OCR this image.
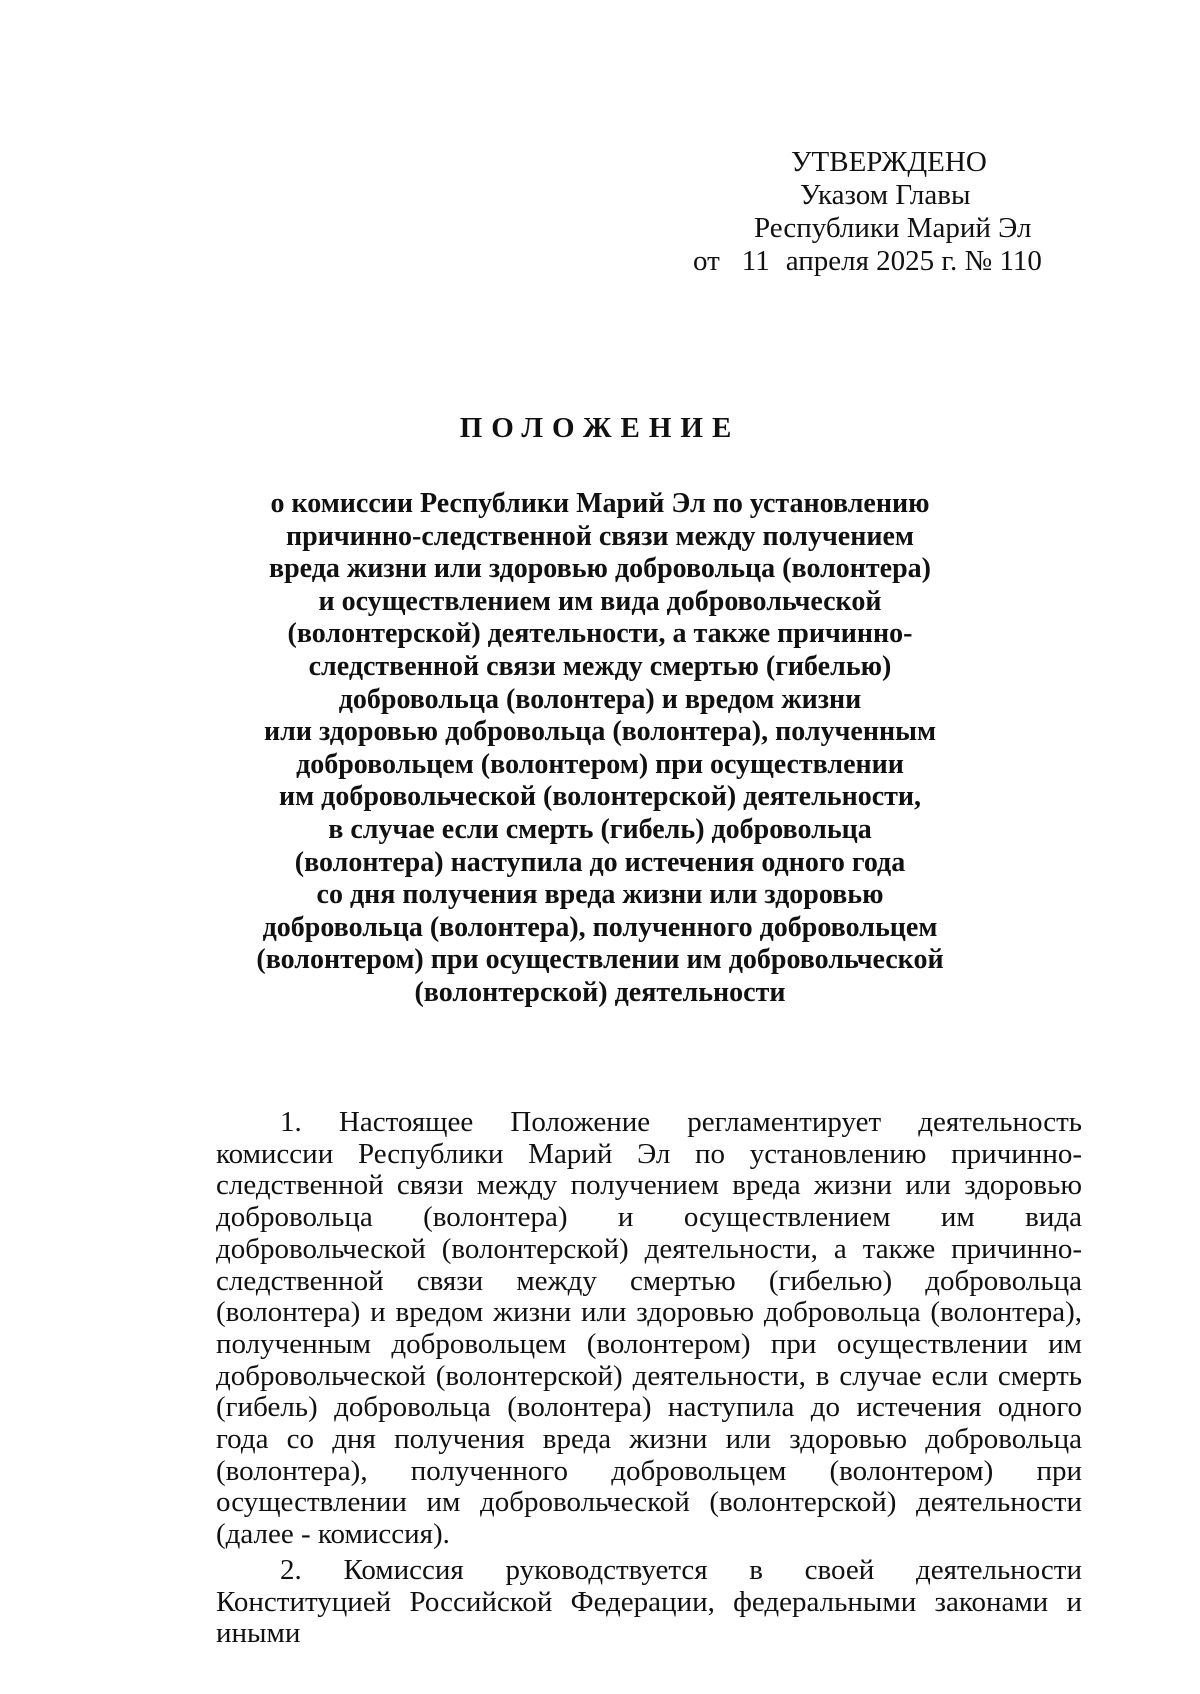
УТВЕРЖДЕНО
Указом Главы
Республики Марий Эл
от 11 апреля 2025 г. № 110
ПОЛОЖЕНИЕ
о комиссии Республики Марий Эл по установлению
причинно-следственной связи между получением
вреда жизни или здоровью добровольца (волонтера)
и осуществлением им вида добровольческой
(волонтерской) деятельности, а также причинно-
следственной связи между смертью (гибелью)
добровольца (волонтера) и вредом жизни
или здоровью добровольца (волонтера), полученным
добровольцем (волонтером) при осуществлении
им добровольческой (волонтерской) деятельности,
в случае если смерть (гибель) добровольца
(волонтера) наступила до истечения одного года
со дня получения вреда жизни или здоровью
добровольца (волонтера), полученного добровольцем
(волонтером) при осуществлении им добровольческой
(волонтерской) деятельности

1. Настоящее Положение регламентирует деятельность комиссии Республики Марий Эл по установлению причинно-следственной связи между получением вреда жизни или здоровью добровольца (волонтера) и осуществлением им вида добровольческой (волонтерской) деятельности, а также причинно-следственной связи между смертью (гибелью) добровольца (волонтера) и вредом жизни или здоровью добровольца (волонтера), полученным добровольцем (волонтером) при осуществлении им добровольческой (волонтерской) деятельности, в случае если смерть (гибель) добровольца (волонтера) наступила до истечения одного года со дня получения вреда жизни или здоровью добровольца (волонтера), полученного добровольцем (волонтером) при осуществлении им добровольческой (волонтерской) деятельности (далее - комиссия).

2. Комиссия руководствуется в своей деятельности Конституцией Российской Федерации, федеральными законами и иными
